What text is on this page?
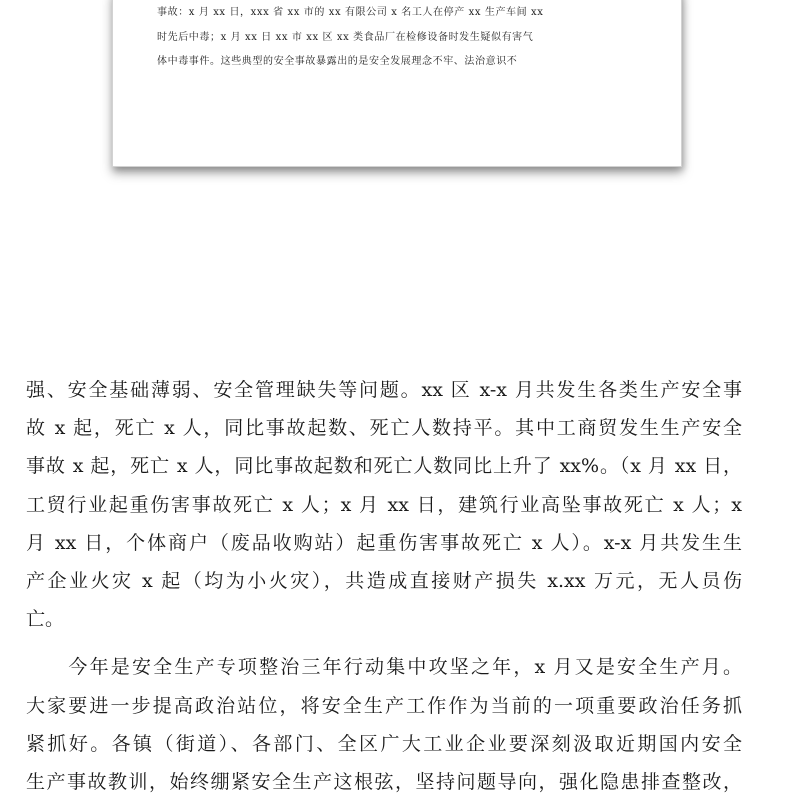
事故：x 月 xx 日，xxx 省 xx 市的 xx 有限公司 x 名工人在停产 xx 生产车间 xx
时先后中毒；x 月 xx 日 xx 市 xx 区 xx 类食品厂在检修设备时发生疑似有害气
体中毒事件。这些典型的安全事故暴露出的是安全发展理念不牢、法治意识不
强、安全基础薄弱、安全管理缺失等问题。xx 区 x-x 月共发生各类生产安全事
故 x 起，死亡 x 人，同比事故起数、死亡人数持平。其中工商贸发生生产安全
事故 x 起，死亡 x 人，同比事故起数和死亡人数同比上升了 xx%。（x 月 xx 日，
工贸行业起重伤害事故死亡 x 人；x 月 xx 日，建筑行业高坠事故死亡 x 人；x
月 xx 日，个体商户（废品收购站）起重伤害事故死亡 x 人）。x-x 月共发生生
产企业火灾 x 起（均为小火灾），共造成直接财产损失 x.xx 万元，无人员伤
亡。
　　今年是安全生产专项整治三年行动集中攻坚之年，x 月又是安全生产月。
大家要进一步提高政治站位，将安全生产工作作为当前的一项重要政治任务抓
紧抓好。各镇（街道）、各部门、全区广大工业企业要深刻汲取近期国内安全
生产事故教训，始终绷紧安全生产这根弦，坚持问题导向，强化隐患排查整改，
